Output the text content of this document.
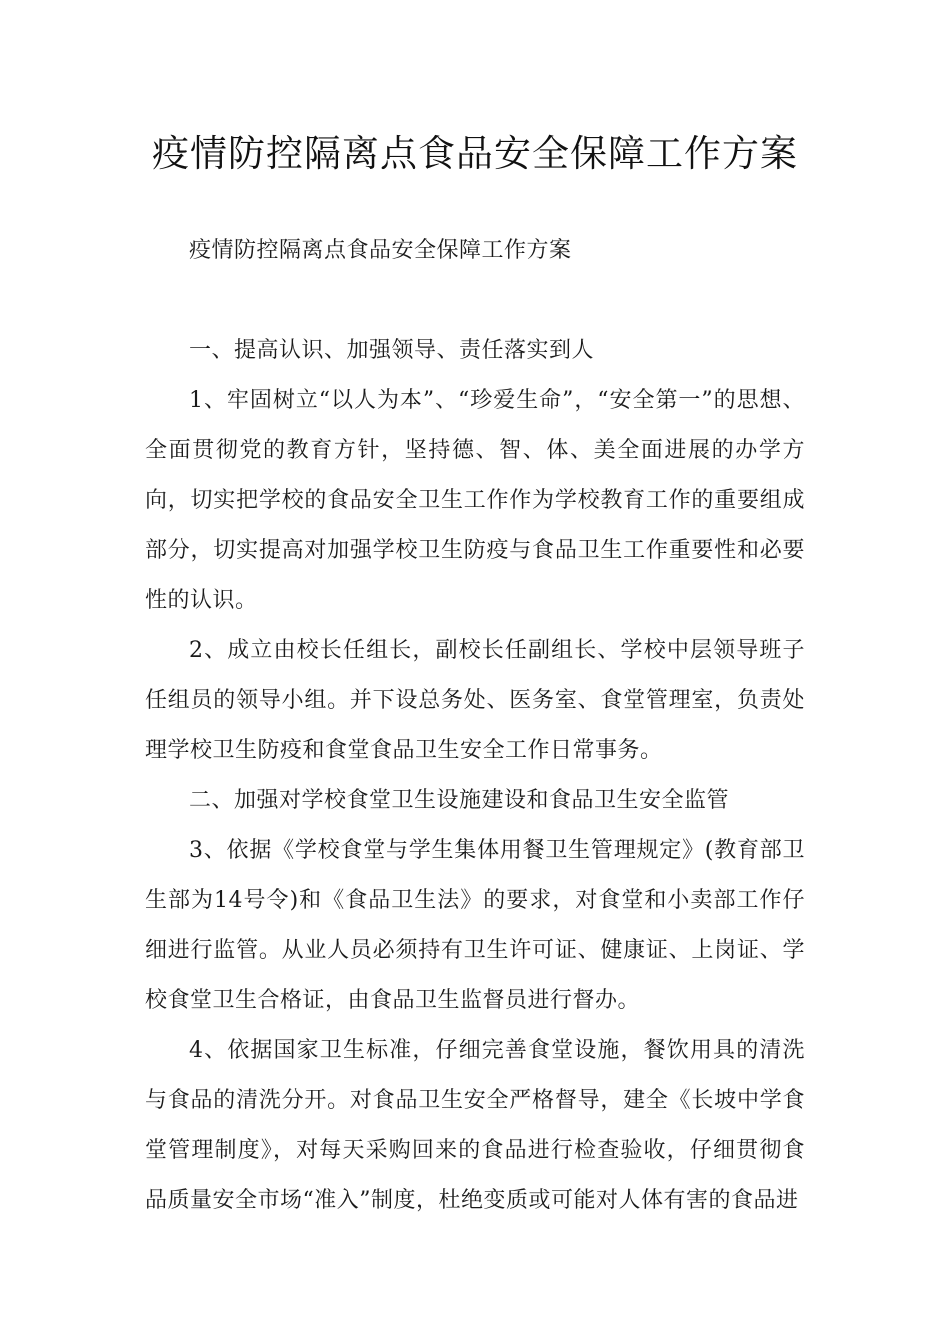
疫情防控隔离点食品安全保障工作方案

疫情防控隔离点食品安全保障工作方案

一、提高认识、加强领导、责任落实到人

1、牢固树立“以人为本”、“珍爱生命”，“安全第一”的思想、全面贯彻党的教育方针，坚持德、智、体、美全面进展的办学方向，切实把学校的食品安全卫生工作作为学校教育工作的重要组成部分，切实提高对加强学校卫生防疫与食品卫生工作重要性和必要性的认识。

2、成立由校长任组长，副校长任副组长、学校中层领导班子任组员的领导小组。并下设总务处、医务室、食堂管理室，负责处理学校卫生防疫和食堂食品卫生安全工作日常事务。

二、加强对学校食堂卫生设施建设和食品卫生安全监管

3、依据《学校食堂与学生集体用餐卫生管理规定》(教育部卫生部为14号令)和《食品卫生法》的要求，对食堂和小卖部工作仔细进行监管。从业人员必须持有卫生许可证、健康证、上岗证、学校食堂卫生合格证，由食品卫生监督员进行督办。

4、依据国家卫生标准，仔细完善食堂设施，餐饮用具的清洗与食品的清洗分开。对食品卫生安全严格督导，建全《长坡中学食堂管理制度》，对每天采购回来的食品进行检查验收，仔细贯彻食品质量安全市场“准入”制度，杜绝变质或可能对人体有害的食品进
